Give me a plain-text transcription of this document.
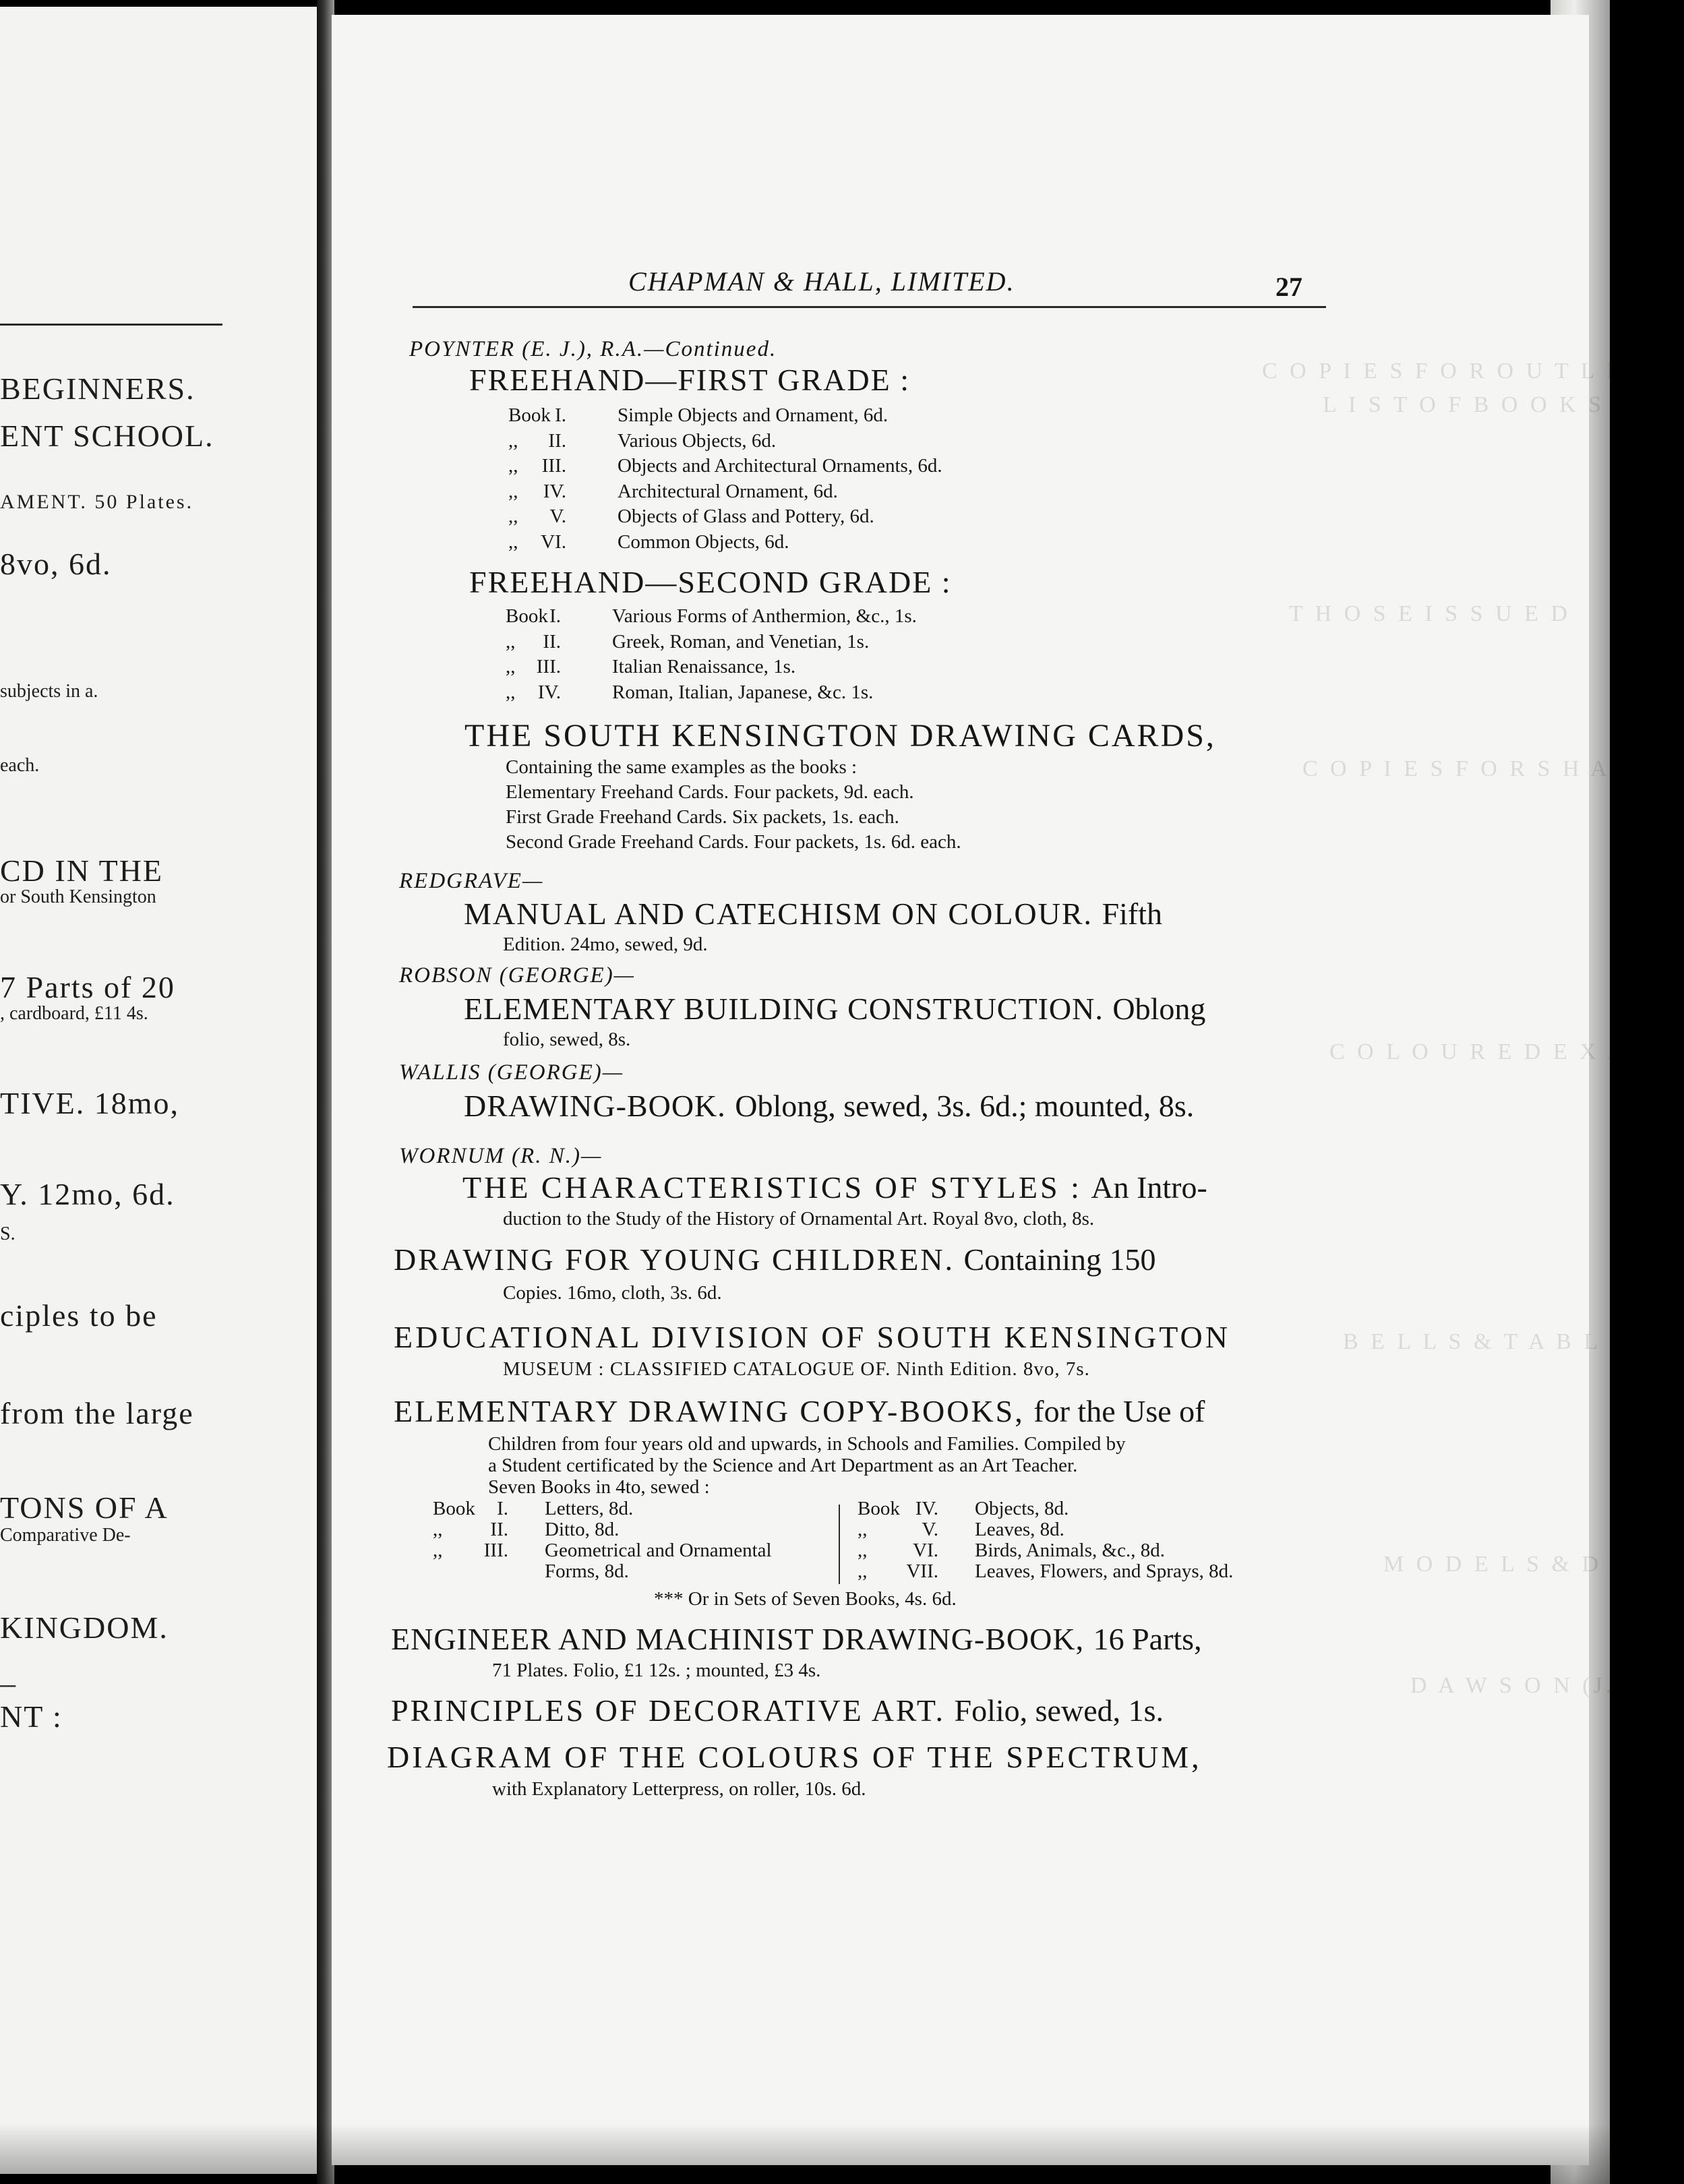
BEGINNERS.
ENT SCHOOL.
AMENT. 50 Plates.
8vo, 6d.
subjects in a.
each.
CD IN THE
or South Kensington
7 Parts of 20
, cardboard, £11 4s.
TIVE. 18mo,
Y. 12mo, 6d.
S.
ciples to be
from the large
TONS OF A
Comparative De-
KINGDOM.
–
NT :
C O P I E S F O R O U T L I N E
L I S T O F B O O K S
T H O S E I S S U E D
C O P I E S F O R S H A D
C O L O U R E D E X A M P
B E L L S & T A B L E S
M O D E L S & D I A G
D A W S O N (J.)
CHAPMAN & HALL, LIMITED.	27
POYNTER (E. J.), R.A.—Continued.
FREEHAND—FIRST GRADE :
Book I.	Simple Objects and Ornament, 6d.
,,	II.	Various Objects, 6d.
,,	III.	Objects and Architectural Ornaments, 6d.
,,	IV.	Architectural Ornament, 6d.
,,	V.	Objects of Glass and Pottery, 6d.
,,	VI.	Common Objects, 6d.
FREEHAND—SECOND GRADE :
Book I.	Various Forms of Anthermion, &c., 1s.
,,	II.	Greek, Roman, and Venetian, 1s.
,,	III.	Italian Renaissance, 1s.
,,	IV.	Roman, Italian, Japanese, &c. 1s.
THE SOUTH KENSINGTON DRAWING CARDS,
Containing the same examples as the books :
Elementary Freehand Cards. Four packets, 9d. each.
First Grade Freehand Cards. Six packets, 1s. each.
Second Grade Freehand Cards. Four packets, 1s. 6d. each.
REDGRAVE—
MANUAL AND CATECHISM ON COLOUR. Fifth
Edition. 24mo, sewed, 9d.
ROBSON (GEORGE)—
ELEMENTARY BUILDING CONSTRUCTION. Oblong
folio, sewed, 8s.
WALLIS (GEORGE)—
DRAWING-BOOK. Oblong, sewed, 3s. 6d.; mounted, 8s.
WORNUM (R. N.)—
THE CHARACTERISTICS OF STYLES : An Intro-
duction to the Study of the History of Ornamental Art. Royal 8vo, cloth, 8s.
DRAWING FOR YOUNG CHILDREN. Containing 150
Copies. 16mo, cloth, 3s. 6d.
EDUCATIONAL DIVISION OF SOUTH KENSINGTON
MUSEUM : CLASSIFIED CATALOGUE OF. Ninth Edition. 8vo, 7s.
ELEMENTARY DRAWING COPY-BOOKS, for the Use of
Children from four years old and upwards, in Schools and Families. Compiled by
a Student certificated by the Science and Art Department as an Art Teacher.
Seven Books in 4to, sewed :
Book	I. Letters, 8d.
,,	II. Ditto, 8d.
,,	III. Geometrical and Ornamental
Forms, 8d.
Book IV. Objects, 8d.
,,	V. Leaves, 8d.
,,	VI. Birds, Animals, &c., 8d.
,,	VII. Leaves, Flowers, and Sprays, 8d.
*** Or in Sets of Seven Books, 4s. 6d.
ENGINEER AND MACHINIST DRAWING-BOOK, 16 Parts,
71 Plates. Folio, £1 12s. ; mounted, £3 4s.
PRINCIPLES OF DECORATIVE ART. Folio, sewed, 1s.
DIAGRAM OF THE COLOURS OF THE SPECTRUM,
with Explanatory Letterpress, on roller, 10s. 6d.
